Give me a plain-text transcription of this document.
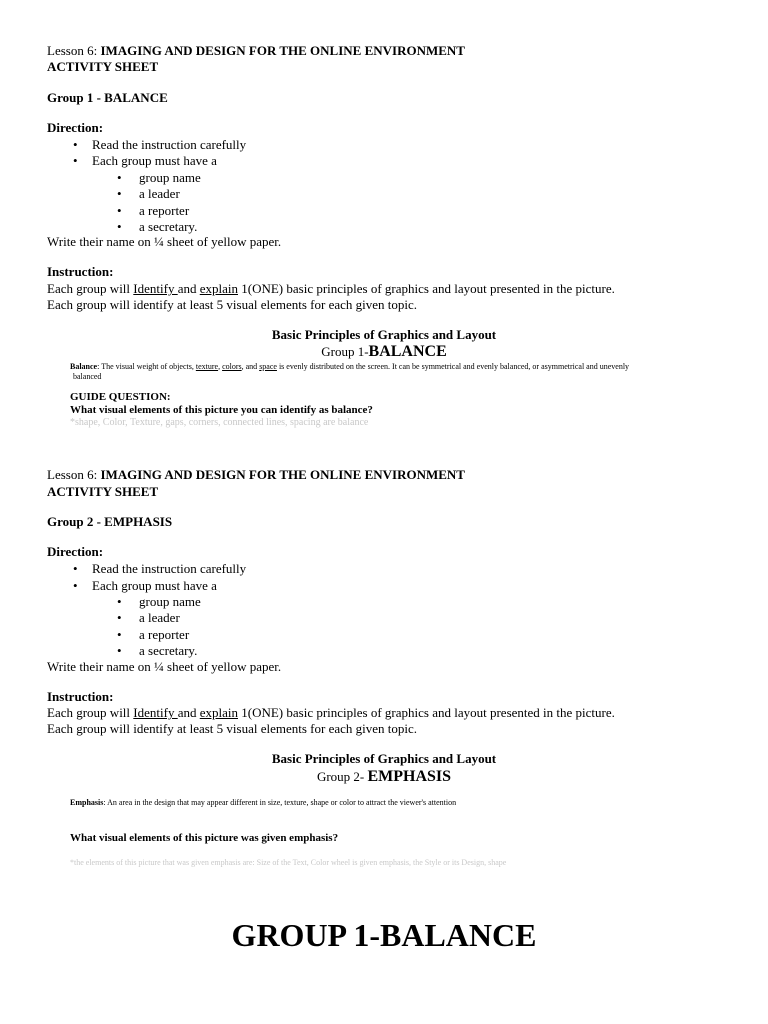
Lesson 6: IMAGING AND DESIGN FOR THE ONLINE ENVIRONMENT
ACTIVITY SHEET
Group 1 - BALANCE
Direction:
• Read the instruction carefully
• Each group must have a
• group name
• a leader
• a reporter
• a secretary.
Write their name on ¼ sheet of yellow paper.
Instruction:
Each group will Identify and explain 1(ONE) basic principles of graphics and layout presented in the picture.
Each group will identify at least 5 visual elements for each given topic.
Basic Principles of Graphics and Layout
Group 1-BALANCE
Balance: The visual weight of objects, texture, colors, and space is evenly distributed on the screen. It can be symmetrical and evenly balanced, or asymmetrical and unevenly
balanced
GUIDE QUESTION:
What visual elements of this picture you can identify as balance?
*shape, Color, Texture, gaps, corners, connected lines, spacing are balance
Lesson 6: IMAGING AND DESIGN FOR THE ONLINE ENVIRONMENT
ACTIVITY SHEET
Group 2 - EMPHASIS
Direction:
• Read the instruction carefully
• Each group must have a
• group name
• a leader
• a reporter
• a secretary.
Write their name on ¼ sheet of yellow paper.
Instruction:
Each group will Identify and explain 1(ONE) basic principles of graphics and layout presented in the picture.
Each group will identify at least 5 visual elements for each given topic.
Basic Principles of Graphics and Layout
Group 2- EMPHASIS
Emphasis: An area in the design that may appear different in size, texture, shape or color to attract the viewer's attention
What visual elements of this picture was given emphasis?
*the elements of this picture that was given emphasis are: Size of the Text, Color wheel is given emphasis, the Style or its Design, shape
GROUP 1-BALANCE
